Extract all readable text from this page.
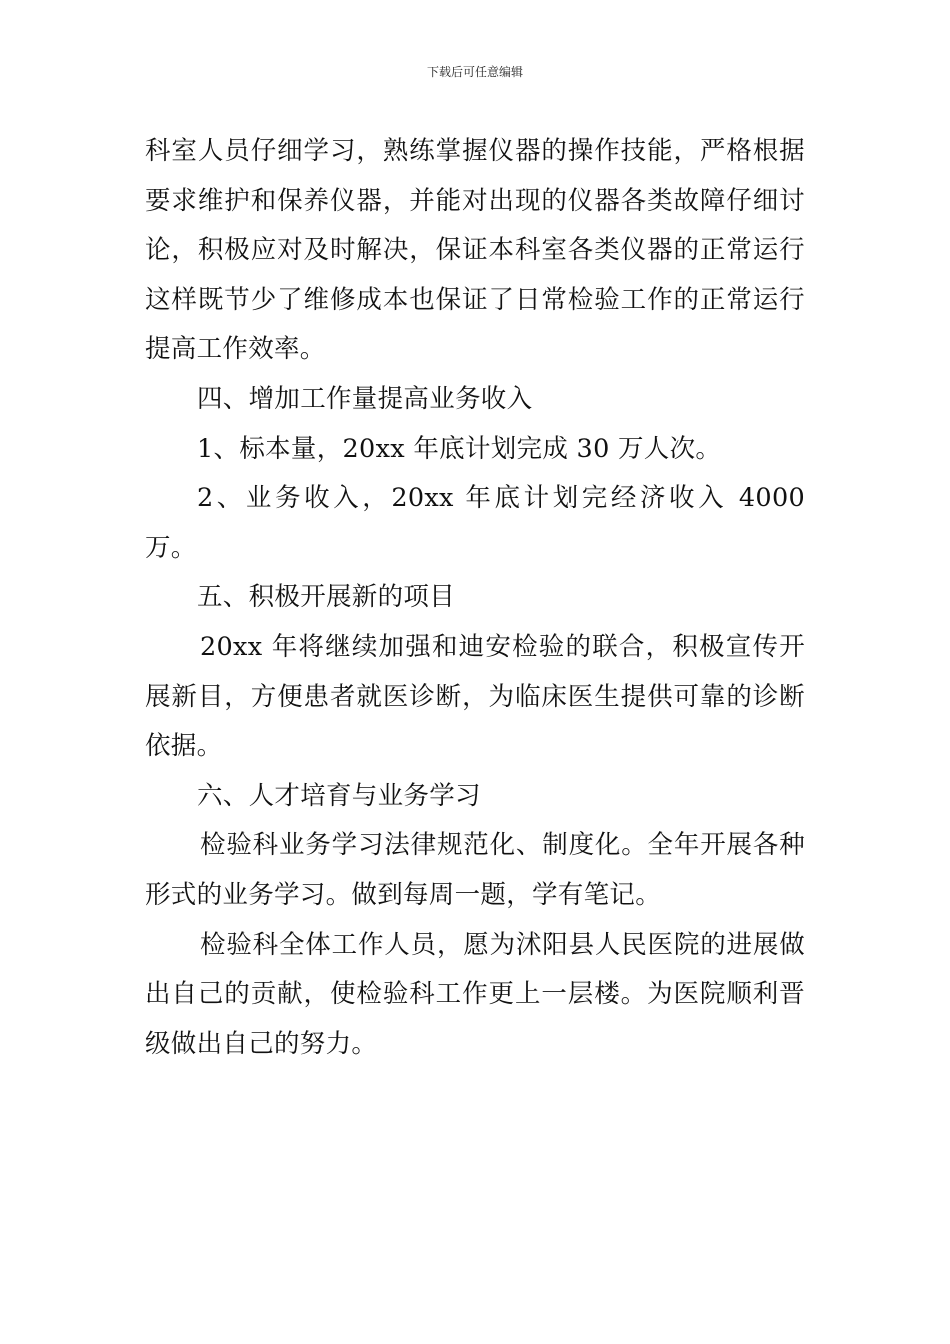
下载后可任意编辑

科室人员仔细学习，熟练掌握仪器的操作技能，严格根据要求维护和保养仪器，并能对出现的仪器各类故障仔细讨论，积极应对及时解决，保证本科室各类仪器的正常运行这样既节少了维修成本也保证了日常检验工作的正常运行提高工作效率。

四、增加工作量提高业务收入

1、标本量，20xx 年底计划完成 30 万人次。

2、业务收入，20xx 年底计划完经济收入 4000 万。

五、积极开展新的项目

20xx 年将继续加强和迪安检验的联合，积极宣传开展新目，方便患者就医诊断，为临床医生提供可靠的诊断依据。

六、人才培育与业务学习

检验科业务学习法律规范化、制度化。全年开展各种形式的业务学习。做到每周一题，学有笔记。

检验科全体工作人员，愿为沭阳县人民医院的进展做出自己的贡献，使检验科工作更上一层楼。为医院顺利晋级做出自己的努力。
